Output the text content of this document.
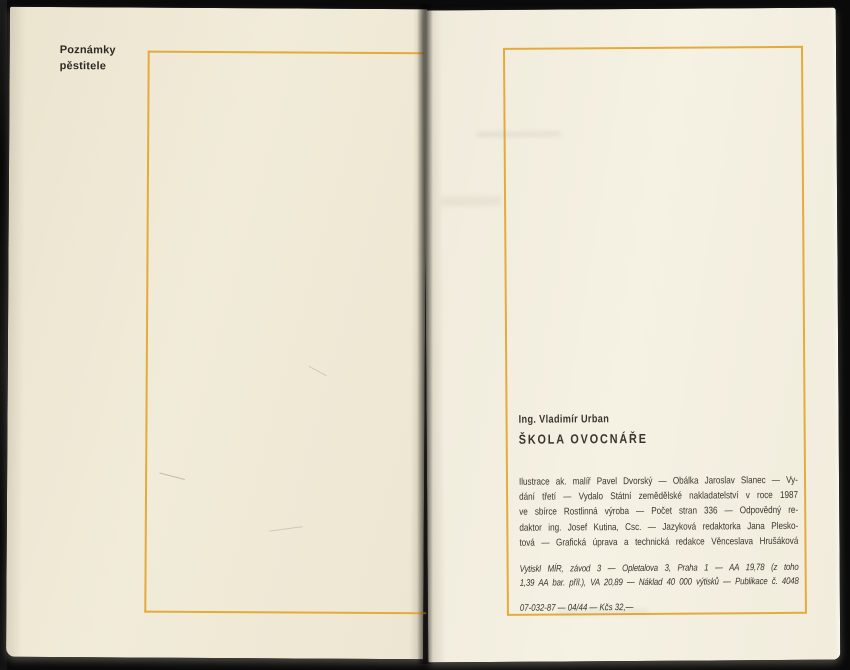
Poznámky
pěstitele
Ing. Vladimír Urban
ŠKOLA OVOCNÁŘE
Ilustrace ak. malíř Pavel Dvorský — Obálka Jaroslav Slanec — Vy-
dání třetí — Vydalo Státní zemědělské nakladatelství v roce 1987
ve sbírce Rostlinná výroba — Počet stran 336 — Odpovědný re-
daktor ing. Josef Kutina, Csc. — Jazyková redaktorka Jana Plesko-
tová — Grafická úprava a technická redakce Věnceslava Hrušáková
Vytiskl MÍR, závod 3 — Opletalova 3, Praha 1 — AA 19,78 (z toho
1,39 AA bar. příl.), VA 20,89 — Náklad 40 000 výtisků — Publikace č. 4048
07-032-87 — 04/44 — Kčs 32,—
